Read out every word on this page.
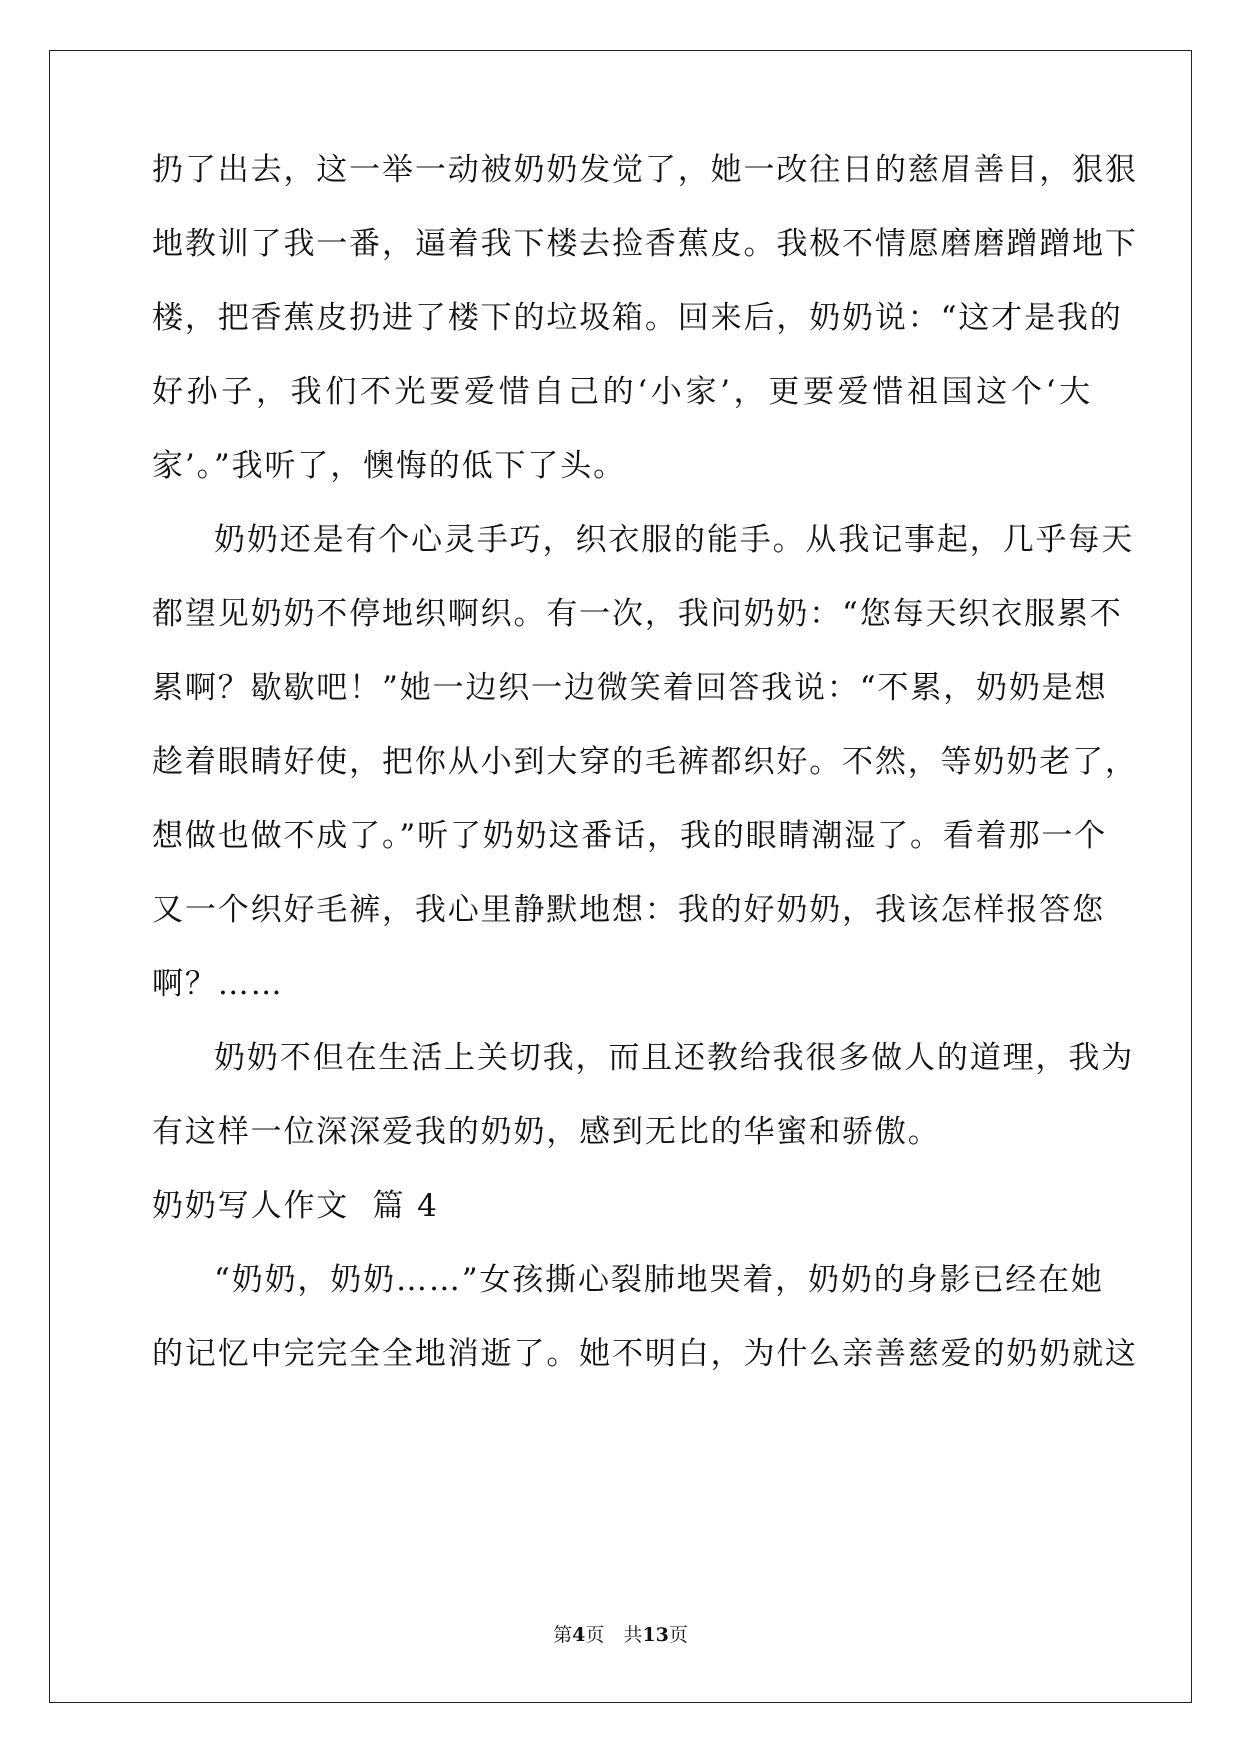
扔了出去，这一举一动被奶奶发觉了，她一改往日的慈眉善目，狠狠
地教训了我一番，逼着我下楼去捡香蕉皮。我极不情愿磨磨蹭蹭地下
楼，把香蕉皮扔进了楼下的垃圾箱。回来后，奶奶说：“这才是我的
好孙子，我们不光要爱惜自己的‘小家’，更要爱惜祖国这个‘大
家’。”我听了，懊悔的低下了头。
奶奶还是有个心灵手巧，织衣服的能手。从我记事起，几乎每天
都望见奶奶不停地织啊织。有一次，我问奶奶：“您每天织衣服累不
累啊？歇歇吧！”她一边织一边微笑着回答我说：“不累，奶奶是想
趁着眼睛好使，把你从小到大穿的毛裤都织好。不然，等奶奶老了，
想做也做不成了。”听了奶奶这番话，我的眼睛潮湿了。看着那一个
又一个织好毛裤，我心里静默地想：我的好奶奶，我该怎样报答您
啊？……
奶奶不但在生活上关切我，而且还教给我很多做人的道理，我为
有这样一位深深爱我的奶奶，感到无比的华蜜和骄傲。
奶奶写人作文  篇 4
“奶奶，奶奶……”女孩撕心裂肺地哭着，奶奶的身影已经在她
的记忆中完完全全地消逝了。她不明白，为什么亲善慈爱的奶奶就这
第4页　共13页
